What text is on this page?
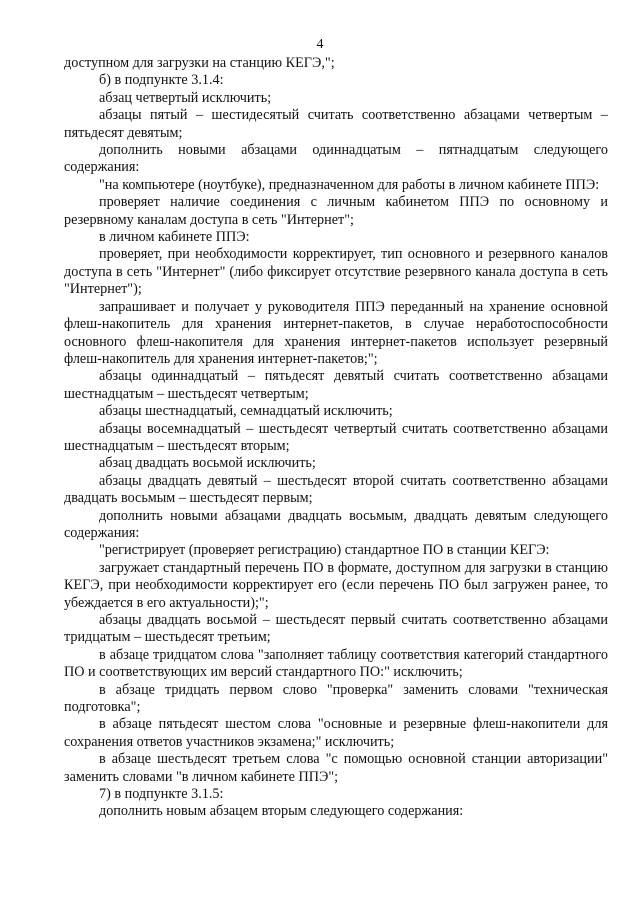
4

доступном для загрузки на станцию КЕГЭ,";

б) в подпункте 3.1.4:

абзац четвертый исключить;

абзацы пятый – шестидесятый считать соответственно абзацами четвертым – пятьдесят девятым;

дополнить новыми абзацами одиннадцатым – пятнадцатым следующего содержания:

"на компьютере (ноутбуке), предназначенном для работы в личном кабинете ППЭ:

проверяет наличие соединения с личным кабинетом ППЭ по основному и резервному каналам доступа в сеть "Интернет";

в личном кабинете ППЭ:

проверяет, при необходимости корректирует, тип основного и резервного каналов доступа в сеть "Интернет" (либо фиксирует отсутствие резервного канала доступа в сеть "Интернет");

запрашивает и получает у руководителя ППЭ переданный на хранение основной флеш-накопитель для хранения интернет-пакетов, в случае неработоспособности основного флеш-накопителя для хранения интернет-пакетов использует резервный флеш-накопитель для хранения интернет-пакетов;";

абзацы одиннадцатый – пятьдесят девятый считать соответственно абзацами шестнадцатым – шестьдесят четвертым;

абзацы шестнадцатый, семнадцатый исключить;

абзацы восемнадцатый – шестьдесят четвертый считать соответственно абзацами шестнадцатым – шестьдесят вторым;

абзац двадцать восьмой исключить;

абзацы двадцать девятый – шестьдесят второй считать соответственно абзацами двадцать восьмым – шестьдесят первым;

дополнить новыми абзацами двадцать восьмым, двадцать девятым следующего содержания:

"регистрирует (проверяет регистрацию) стандартное ПО в станции КЕГЭ:

загружает стандартный перечень ПО в формате, доступном для загрузки в станцию КЕГЭ, при необходимости корректирует его (если перечень ПО был загружен ранее, то убеждается в его актуальности);";

абзацы двадцать восьмой – шестьдесят первый считать соответственно абзацами тридцатым – шестьдесят третьим;

в абзаце тридцатом слова "заполняет таблицу соответствия категорий стандартного ПО и соответствующих им версий стандартного ПО:" исключить;

в абзаце тридцать первом слово "проверка" заменить словами "техническая подготовка";

в абзаце пятьдесят шестом слова "основные и резервные флеш-накопители для сохранения ответов участников экзамена;" исключить;

в абзаце шестьдесят третьем слова "с помощью основной станции авторизации" заменить словами "в личном кабинете ППЭ";

7) в подпункте 3.1.5:

дополнить новым абзацем вторым следующего содержания:
